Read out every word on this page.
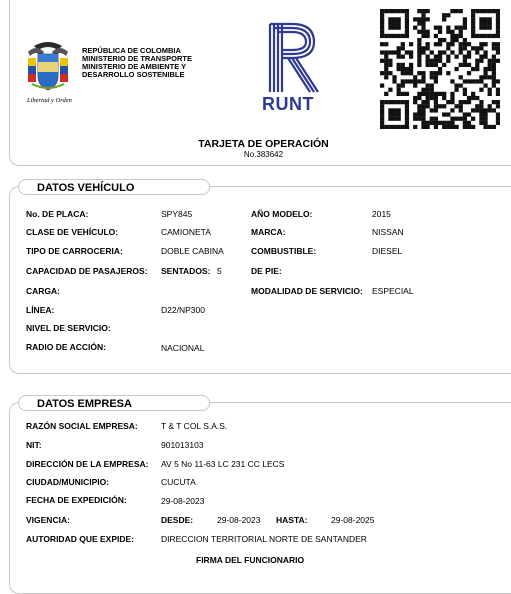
Libertad y Orden
REPÚBLICA DE COLOMBIA
MINISTERIO DE TRANSPORTE
MINISTERIO DE AMBIENTE Y
DESARROLLO SOSTENIBLE
RUNT
TARJETA DE OPERACIÓN
No.383642
DATOS VEHÍCULO
No. DE PLACA:	SPY845	AÑO MODELO:	2015
CLASE DE VEHÍCULO:	CAMIONETA	MARCA:	NISSAN
TIPO DE CARROCERIA:	DOBLE CABINA	COMBUSTIBLE:	DIESEL
CAPACIDAD DE PASAJEROS: SENTADOS: 5	DE PIE:
CARGA:	MODALIDAD DE SERVICIO: ESPECIAL
LÍNEA:	D22/NP300
NIVEL DE SERVICIO:
RADIO DE ACCIÓN:	NACIONAL
DATOS EMPRESA
RAZÓN SOCIAL EMPRESA:	T & T COL S.A.S.
NIT:	901013103
DIRECCIÓN DE LA EMPRESA: AV 5 No 11-63 LC 231 CC LECS
CIUDAD/MUNICIPIO:	CUCUTA
FECHA DE EXPEDICIÓN:	29-08-2023
VIGENCIA:	DESDE:	29-08-2023 HASTA:	29-08-2025
AUTORIDAD QUE EXPIDE:	DIRECCION TERRITORIAL NORTE DE SANTANDER
FIRMA DEL FUNCIONARIO
